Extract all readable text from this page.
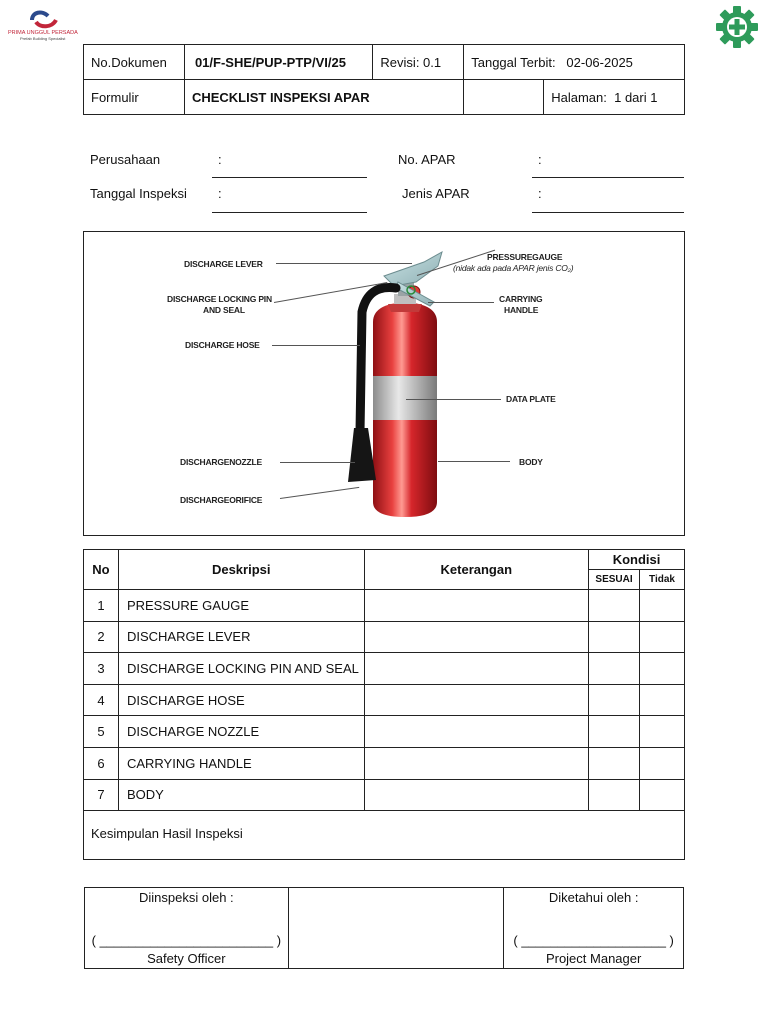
PRIMA UNGGUL PERSADA
Prefab Building Specialist
No.Dokumen	01/F-SHE/PUP-PTP/VI/25	Revisi: 0.1	Tanggal Terbit: 02-06-2025
Formulir	CHECKLIST INSPEKSI APAR		Halaman: 1 dari 1
Perusahaan	:
Tanggal Inspeksi :
No. APAR	:
Jenis APAR	:
DISCHARGE LEVER
DISCHARGE LOCKING PIN
AND SEAL
DISCHARGE HOSE
DISCHARGENOZZLE
DISCHARGEORIFICE
PRESSUREGAUGE
(nidak ada pada APAR jenis CO₂)
CARRYING
HANDLE
DATA PLATE
BODY
No	Deskripsi	Keterangan	Kondisi	
			SESUAI	Tidak
1	PRESSURE GAUGE			
2	DISCHARGE LEVER			
3	DISCHARGE LOCKING PIN AND SEAL			
4	DISCHARGE HOSE			
5	DISCHARGE NOZZLE			
6	CARRYING HANDLE			
7	BODY			
Kesimpulan Hasil Inspeksi
Diinspeksi oleh :
( ________________________ )
Safety Officer

Diketahui oleh :
( ____________________ )
Project Manager
